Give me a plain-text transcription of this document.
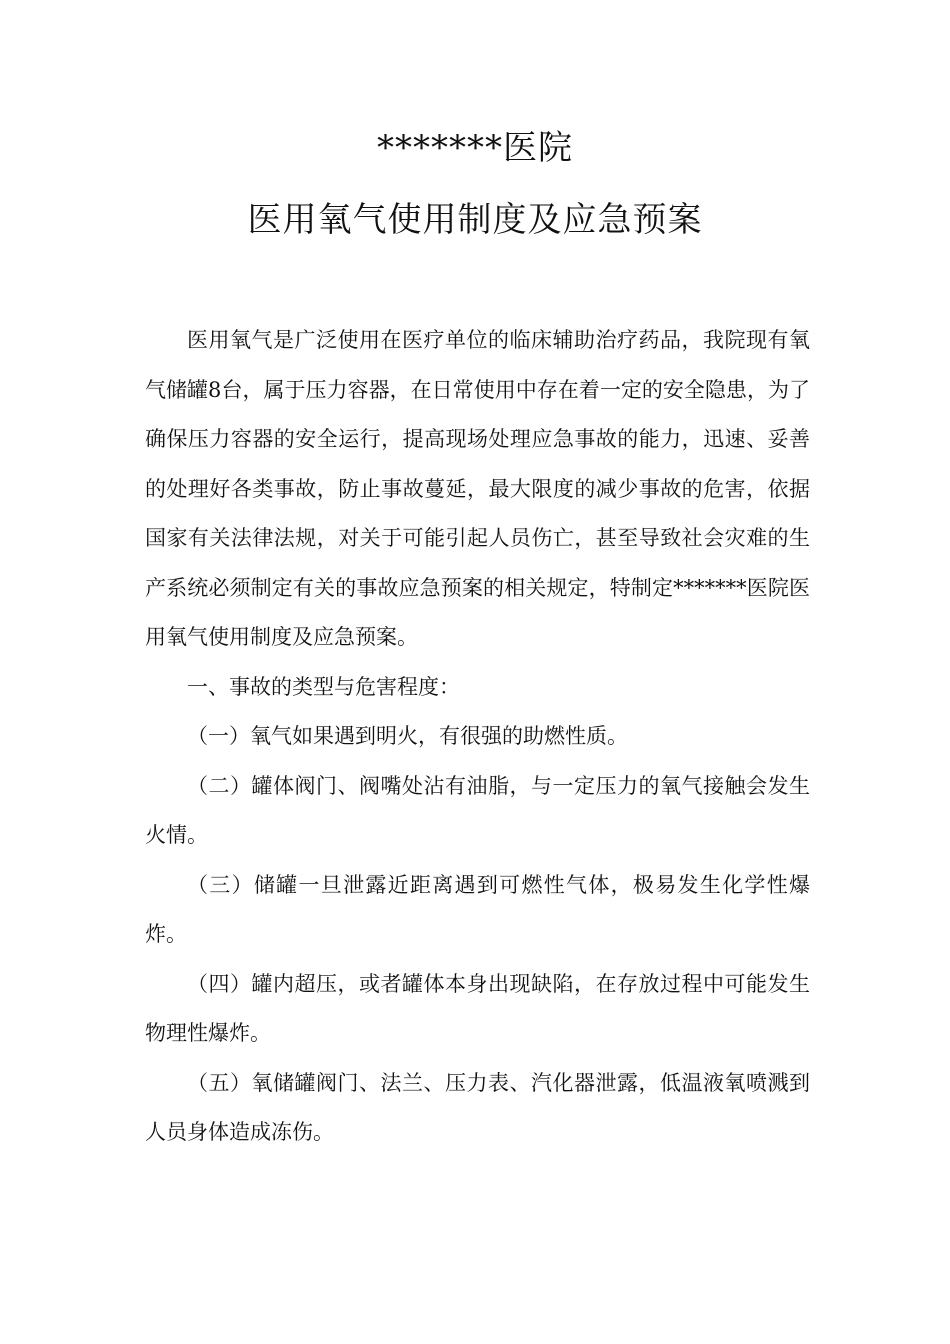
*******医院
医用氧气使用制度及应急预案

医用氧气是广泛使用在医疗单位的临床辅助治疗药品，我院现有氧气储罐8台，属于压力容器，在日常使用中存在着一定的安全隐患，为了确保压力容器的安全运行，提高现场处理应急事故的能力，迅速、妥善的处理好各类事故，防止事故蔓延，最大限度的减少事故的危害，依据国家有关法律法规，对关于可能引起人员伤亡，甚至导致社会灾难的生产系统必须制定有关的事故应急预案的相关规定，特制定*******医院医用氧气使用制度及应急预案。

一、事故的类型与危害程度：

（一）氧气如果遇到明火，有很强的助燃性质。

（二）罐体阀门、阀嘴处沾有油脂，与一定压力的氧气接触会发生火情。

（三）储罐一旦泄露近距离遇到可燃性气体，极易发生化学性爆炸。

（四）罐内超压，或者罐体本身出现缺陷，在存放过程中可能发生物理性爆炸。

（五）氧储罐阀门、法兰、压力表、汽化器泄露，低温液氧喷溅到人员身体造成冻伤。
